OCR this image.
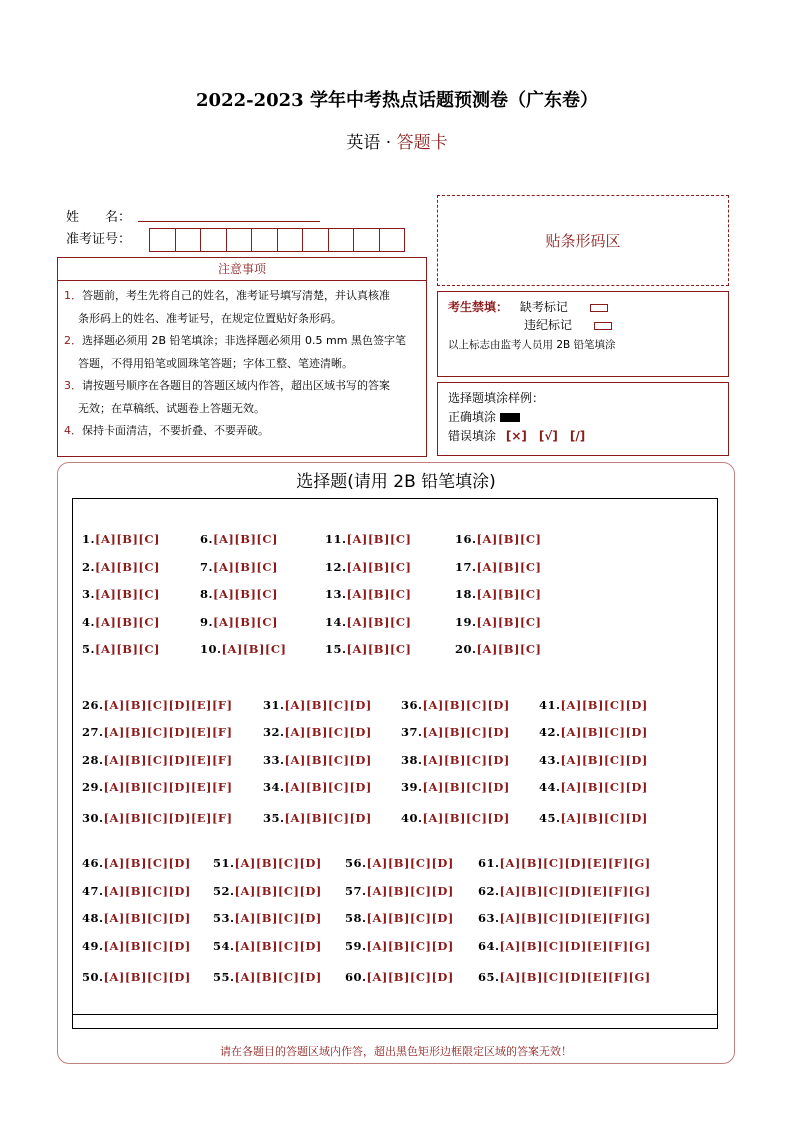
2022-2023 学年中考热点话题预测卷（广东卷）
英语 · 答题卡
姓　　名：
准考证号：	贴条形码区
注意事项
1．答题前，考生先将自己的姓名，准考证号填写清楚，并认真核准
条形码上的姓名、准考证号，在规定位置贴好条形码。
2．选择题必须用 2B 铅笔填涂；非选择题必须用 0.5 mm 黑色签字笔
答题，不得用铅笔或圆珠笔答题；字体工整、笔迹清晰。
3．请按题号顺序在各题目的答题区域内作答，超出区域书写的答案
无效；在草稿纸、试题卷上答题无效。
4．保持卡面清洁，不要折叠、不要弄破。
考生禁填： 缺考标记
违纪标记
以上标志由监考人员用 2B 铅笔填涂
选择题填涂样例：
正确填涂
错误填涂 [×]　[√]　[/]
选择题(请用 2B 铅笔填涂)
1.[A][B][C]
2.[A][B][C]
3.[A][B][C]
4.[A][B][C]
5.[A][B][C]
6.[A][B][C]
7.[A][B][C]
8.[A][B][C]
9.[A][B][C]
10.[A][B][C]
11.[A][B][C]
12.[A][B][C]
13.[A][B][C]
14.[A][B][C]
15.[A][B][C]
16.[A][B][C]
17.[A][B][C]
18.[A][B][C]
19.[A][B][C]
20.[A][B][C]
26.[A][B][C][D][E][F]
27.[A][B][C][D][E][F]
28.[A][B][C][D][E][F]
29.[A][B][C][D][E][F]
30.[A][B][C][D][E][F]
31.[A][B][C][D]
32.[A][B][C][D]
33.[A][B][C][D]
34.[A][B][C][D]
35.[A][B][C][D]
36.[A][B][C][D]
37.[A][B][C][D]
38.[A][B][C][D]
39.[A][B][C][D]
40.[A][B][C][D]
41.[A][B][C][D]
42.[A][B][C][D]
43.[A][B][C][D]
44.[A][B][C][D]
45.[A][B][C][D]
46.[A][B][C][D]
47.[A][B][C][D]
48.[A][B][C][D]
49.[A][B][C][D]
50.[A][B][C][D]
51.[A][B][C][D]
52.[A][B][C][D]
53.[A][B][C][D]
54.[A][B][C][D]
55.[A][B][C][D]
56.[A][B][C][D]
57.[A][B][C][D]
58.[A][B][C][D]
59.[A][B][C][D]
60.[A][B][C][D]
61.[A][B][C][D][E][F][G]
62.[A][B][C][D][E][F][G]
63.[A][B][C][D][E][F][G]
64.[A][B][C][D][E][F][G]
65.[A][B][C][D][E][F][G]
请在各题目的答题区域内作答，超出黑色矩形边框限定区域的答案无效！
